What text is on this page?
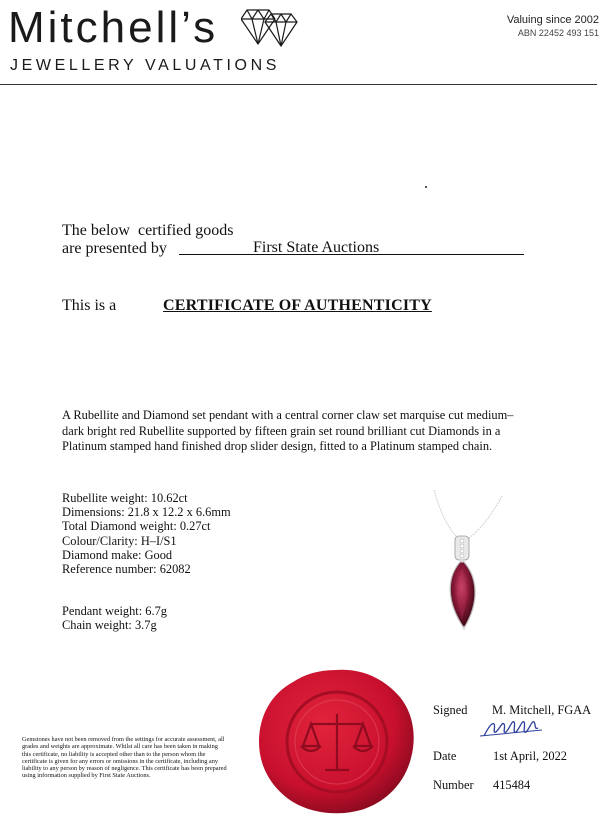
Mitchell’s
JEWELLERY VALUATIONS
Valuing since 2002
ABN 22452 493 151
The below  certified goods
are presented by	First State Auctions
This is a	CERTIFICATE OF AUTHENTICITY
A Rubellite and Diamond set pendant with a central corner claw set marquise cut medium–dark bright red Rubellite supported by fifteen grain set round brilliant cut Diamonds in a Platinum stamped hand finished drop slider design, fitted to a Platinum stamped chain.
Rubellite weight: 10.62ct
Dimensions: 21.8 x 12.2 x 6.6mm
Total Diamond weight: 0.27ct
Colour/Clarity: H–I/S1
Diamond make: Good
Reference number: 62082
Pendant weight: 6.7g
Chain weight: 3.7g
Gemstones have not been removed from the settings for accurate assessment, all grades and weights are approximate. Whilst all care has been taken in making this certificate, no liability is accepted other than to the person whom the certificate is given for any errors or omissions in the certificate, including any liability to any person by reason of negligence. This certificate has been prepared using information supplied by First State Auctions.
Signed M. Mitchell, FGAA
Date	1st April, 2022
Number 415484
